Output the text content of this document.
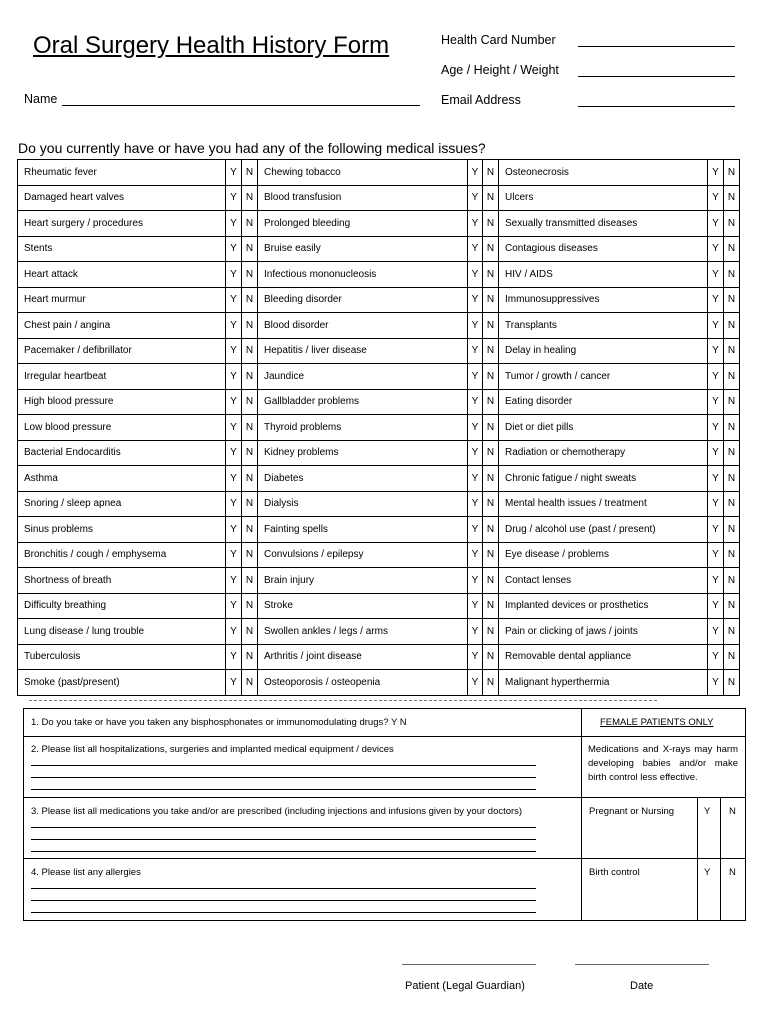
Oral Surgery Health History Form	Health Card Number
Age / Height / Weight
Email Address
Name
Do you currently have or have you had any of the following medical issues?
Rheumatic fever	Y	N	Chewing tobacco	Y	N	Osteonecrosis	Y	N
Damaged heart valves	Y	N	Blood transfusion	Y	N	Ulcers	Y	N
Heart surgery / procedures	Y	N	Prolonged bleeding	Y	N	Sexually transmitted diseases	Y	N
Stents	Y	N	Bruise easily	Y	N	Contagious diseases	Y	N
Heart attack	Y	N	Infectious mononucleosis	Y	N	HIV / AIDS	Y	N
Heart murmur	Y	N	Bleeding disorder	Y	N	Immunosuppressives	Y	N
Chest pain / angina	Y	N	Blood disorder	Y	N	Transplants	Y	N
Pacemaker / defibrillator	Y	N	Hepatitis / liver disease	Y	N	Delay in healing	Y	N
Irregular heartbeat	Y	N	Jaundice	Y	N	Tumor / growth / cancer	Y	N
High blood pressure	Y	N	Gallbladder problems	Y	N	Eating disorder	Y	N
Low blood pressure	Y	N	Thyroid problems	Y	N	Diet or diet pills	Y	N
Bacterial Endocarditis	Y	N	Kidney problems	Y	N	Radiation or chemotherapy	Y	N
Asthma	Y	N	Diabetes	Y	N	Chronic fatigue / night sweats	Y	N
Snoring / sleep apnea	Y	N	Dialysis	Y	N	Mental health issues / treatment	Y	N
Sinus problems	Y	N	Fainting spells	Y	N	Drug / alcohol use (past / present)	Y	N
Bronchitis / cough / emphysema	Y	N	Convulsions / epilepsy	Y	N	Eye disease / problems	Y	N
Shortness of breath	Y	N	Brain injury	Y	N	Contact lenses	Y	N
Difficulty breathing	Y	N	Stroke	Y	N	Implanted devices or prosthetics	Y	N
Lung disease / lung trouble	Y	N	Swollen ankles / legs / arms	Y	N	Pain or clicking of jaws / joints	Y	N
Tuberculosis	Y	N	Arthritis / joint disease	Y	N	Removable dental appliance	Y	N
Smoke (past/present)	Y	N	Osteoporosis / osteopenia	Y	N	Malignant hyperthermia	Y	N
1. Do you take or have you taken any bisphosphonates or immunomodulating drugs? Y N
2. Please list all hospitalizations, surgeries and implanted medical equipment / devices
3. Please list all medications you take and/or are prescribed (including injections and infusions given by your doctors)
4. Please list any allergies
FEMALE PATIENTS ONLY
Medications and X-rays may harm developing babies and/or make birth control less effective.
Pregnant or Nursing	Y N
Birth control	Y N
Patient (Legal Guardian)	Date
